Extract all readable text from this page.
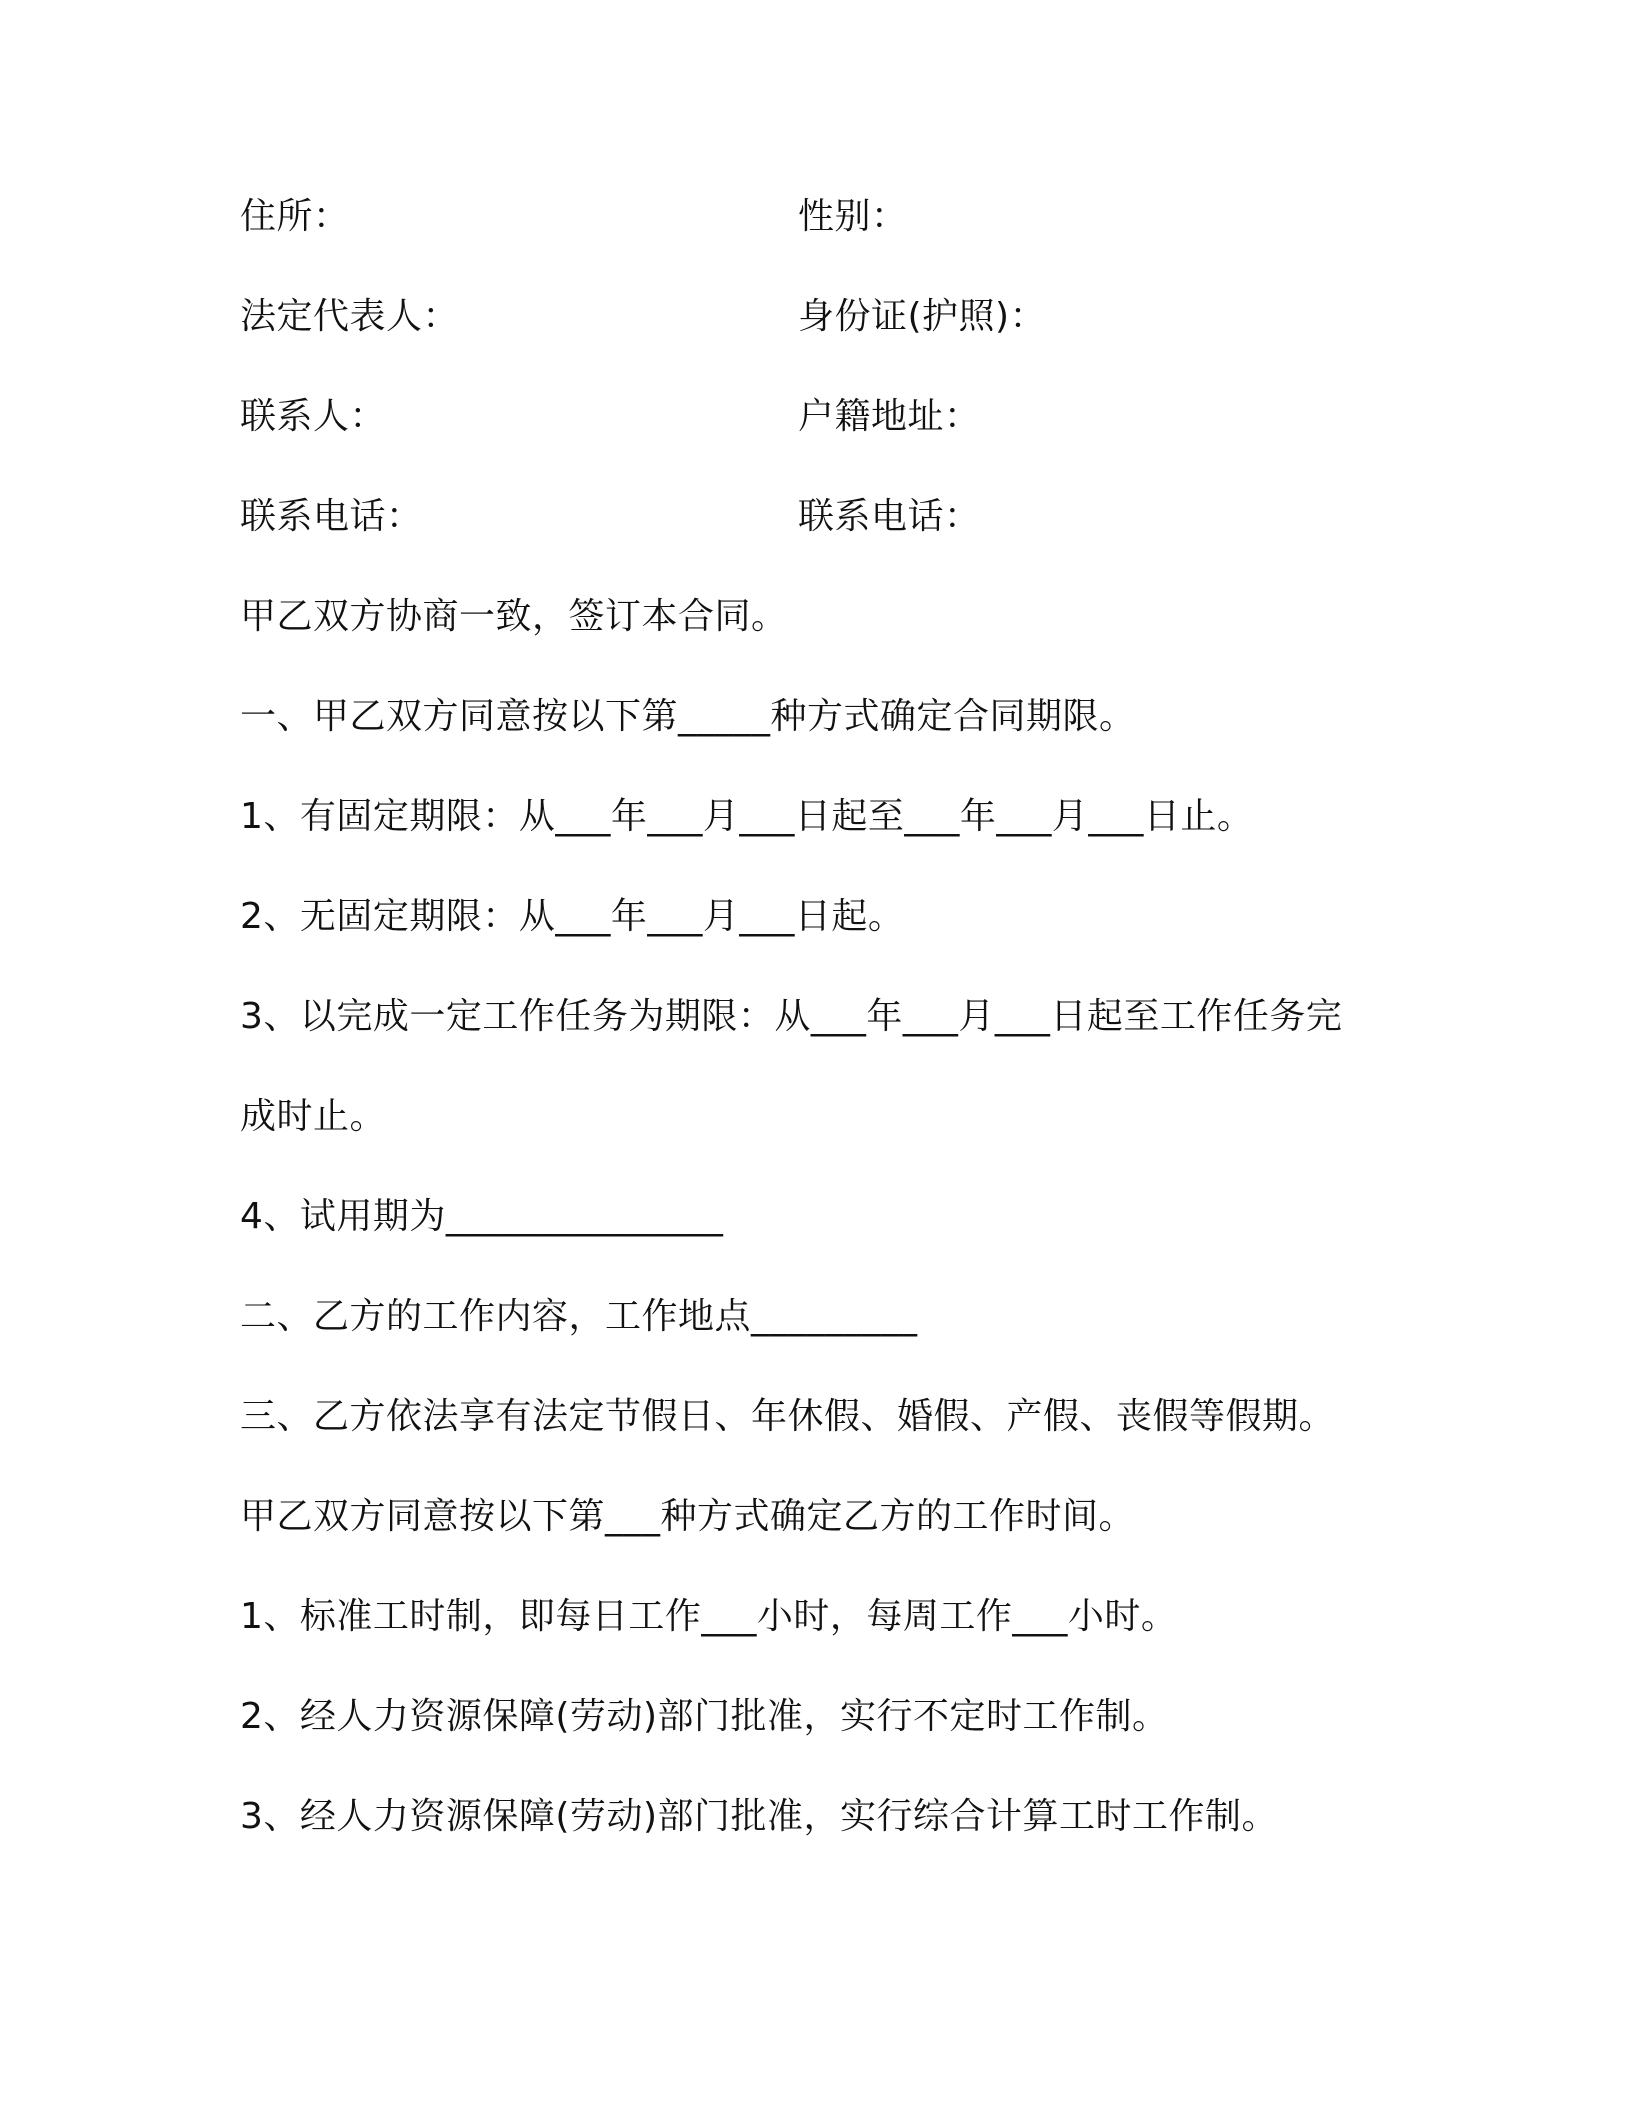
住所：	性别：
法定代表人：	身份证(护照)：
联系人：	户籍地址：
联系电话：	联系电话：
甲乙双方协商一致，签订本合同。
一、甲乙双方同意按以下第_____种方式确定合同期限。
1、有固定期限：从___年___月___日起至___年___月___日止。
2、无固定期限：从___年___月___日起。
3、以完成一定工作任务为期限：从___年___月___日起至工作任务完
成时止。
4、试用期为_______________
二、乙方的工作内容，工作地点_________
三、乙方依法享有法定节假日、年休假、婚假、产假、丧假等假期。
甲乙双方同意按以下第___种方式确定乙方的工作时间。
1、标准工时制，即每日工作___小时，每周工作___小时。
2、经人力资源保障(劳动)部门批准，实行不定时工作制。
3、经人力资源保障(劳动)部门批准，实行综合计算工时工作制。
